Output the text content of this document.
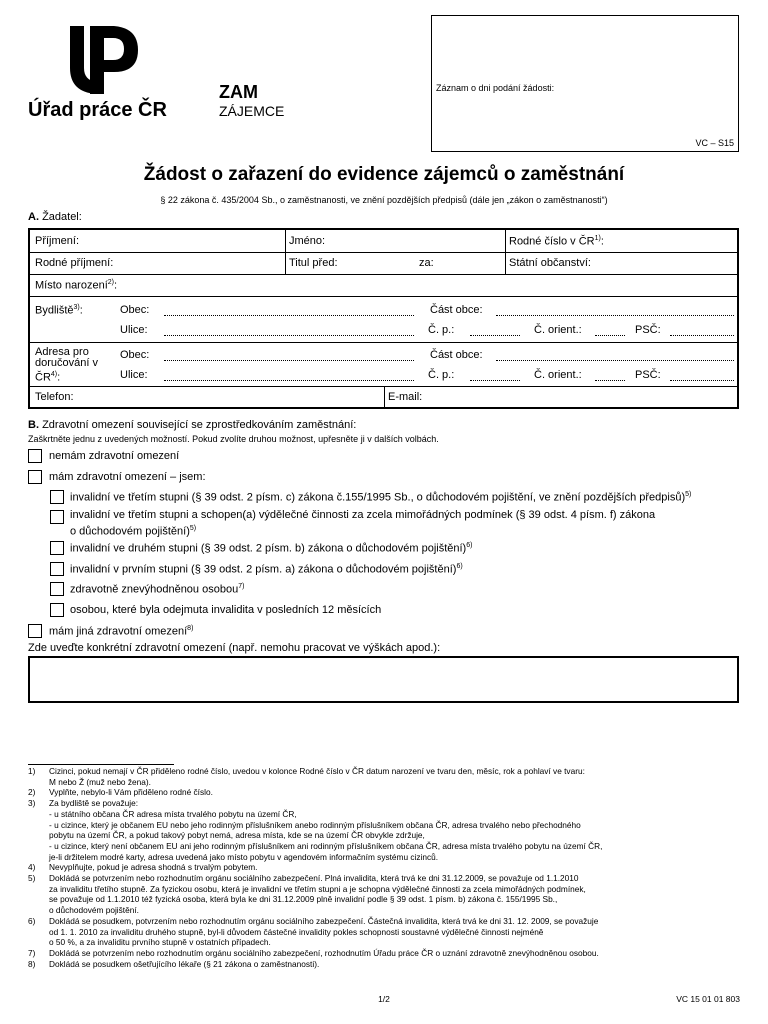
Úřad práce ČR
ZAM
ZÁJEMCE
Záznam o dni podání žádosti:
VC – S15
Žádost o zařazení do evidence zájemců o zaměstnání
§ 22 zákona č. 435/2004 Sb., o zaměstnanosti, ve znění pozdějších předpisů (dále jen „zákon o zaměstnanosti“)
A. Žadatel:
Příjmení:	Jméno:	Rodné číslo v ČR$^{1)}$:
Rodné příjmení:	Titul před:	za:	Státní občanství:
Místo narození$^{2)}$:
Bydliště$^{3)}$:	Obec:	Část obce:
Ulice:	Č. p.:	Č. orient.:	PSČ:
Adresa pro
doručování v
ČR$^{4)}$:
Obec:	Část obce:
Ulice:	Č. p.:	Č. orient.:	PSČ:
Telefon:	E-mail:
B. Zdravotní omezení související se zprostředkováním zaměstnání:
Zaškrtněte jednu z uvedených možností. Pokud zvolíte druhou možnost, upřesněte ji v dalších volbách.
nemám zdravotní omezení
mám zdravotní omezení – jsem:
invalidní ve třetím stupni (§ 39 odst. 2 písm. c) zákona č.155/1995 Sb., o důchodovém pojištění, ve znění pozdějších předpisů)$^{5)}$
invalidní ve třetím stupni a schopen(a) výdělečné činnosti za zcela mimořádných podmínek (§ 39 odst. 4 písm. f) zákona
o důchodovém pojištění)$^{5)}$
invalidní ve druhém stupni (§ 39 odst. 2 písm. b) zákona o důchodovém pojištění)$^{6)}$
invalidní v prvním stupni (§ 39 odst. 2 písm. a) zákona o důchodovém pojištění)$^{6)}$
zdravotně znevýhodněnou osobou$^{7)}$
osobou, které byla odejmuta invalidita v posledních 12 měsících
mám jiná zdravotní omezení$^{8)}$
Zde uveďte konkrétní zdravotní omezení (např. nemohu pracovat ve výškách apod.):
1) Cizinci, pokud nemají v ČR přiděleno rodné číslo, uvedou v kolonce Rodné číslo v ČR datum narození ve tvaru den, měsíc, rok a pohlaví ve tvaru:
M nebo Ž (muž nebo žena).
2) Vyplňte, nebylo-li Vám přiděleno rodné číslo.
3) Za bydliště se považuje:
- u státního občana ČR adresa místa trvalého pobytu na území ČR,
- u cizince, který je občanem EU nebo jeho rodinným příslušníkem anebo rodinným příslušníkem občana ČR, adresa trvalého nebo přechodného
pobytu na území ČR, a pokud takový pobyt nemá, adresa místa, kde se na území ČR obvykle zdržuje,
- u cizince, který není občanem EU ani jeho rodinným příslušníkem ani rodinným příslušníkem občana ČR, adresa místa trvalého pobytu na území ČR,
je-li držitelem modré karty, adresa uvedená jako místo pobytu v agendovém informačním systému cizinců.
4) Nevyplňujte, pokud je adresa shodná s trvalým pobytem.
5) Dokládá se potvrzením nebo rozhodnutím orgánu sociálního zabezpečení. Plná invalidita, která trvá ke dni 31.12.2009, se považuje od 1.1.2010
za invaliditu třetího stupně. Za fyzickou osobu, která je invalidní ve třetím stupni a je schopna výdělečné činnosti za zcela mimořádných podmínek,
se považuje od 1.1.2010 též fyzická osoba, která byla ke dni 31.12.2009 plně invalidní podle § 39 odst. 1 písm. b) zákona č. 155/1995 Sb.,
o důchodovém pojištění.
6) Dokládá se posudkem, potvrzením nebo rozhodnutím orgánu sociálního zabezpečení. Částečná invalidita, která trvá ke dni 31. 12. 2009, se považuje
od 1. 1. 2010 za invaliditu druhého stupně, byl-li důvodem částečné invalidity pokles schopnosti soustavné výdělečné činnosti nejméně
o 50 %, a za invaliditu prvního stupně v ostatních případech.
7) Dokládá se potvrzením nebo rozhodnutím orgánu sociálního zabezpečení, rozhodnutím Úřadu práce ČR o uznání zdravotně znevýhodněnou osobou.
8) Dokládá se posudkem ošetřujícího lékaře (§ 21 zákona o zaměstnanosti).
1/2	VC 15 01 01 803
